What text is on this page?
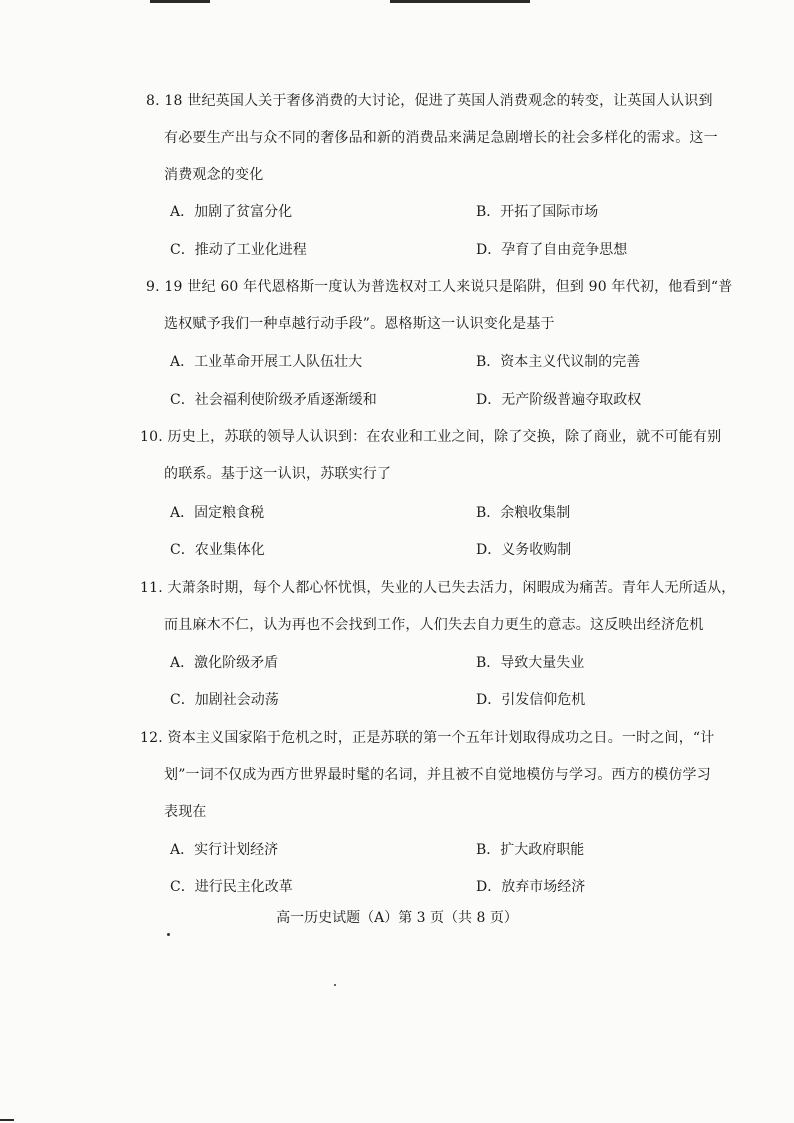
8. 18 世纪英国人关于奢侈消费的大讨论，促进了英国人消费观念的转变，让英国人认识到
有必要生产出与众不同的奢侈品和新的消费品来满足急剧增长的社会多样化的需求。这一
消费观念的变化
A．加剧了贫富分化	B．开拓了国际市场
C．推动了工业化进程	D．孕育了自由竞争思想
9. 19 世纪 60 年代恩格斯一度认为普选权对工人来说只是陷阱，但到 90 年代初，他看到“普
选权赋予我们一种卓越行动手段”。恩格斯这一认识变化是基于
A．工业革命开展工人队伍壮大	B．资本主义代议制的完善
C．社会福利使阶级矛盾逐渐缓和	D．无产阶级普遍夺取政权
10. 历史上，苏联的领导人认识到：在农业和工业之间，除了交换，除了商业，就不可能有别
的联系。基于这一认识，苏联实行了
A．固定粮食税	B．余粮收集制
C．农业集体化	D．义务收购制
11. 大萧条时期，每个人都心怀忧惧，失业的人已失去活力，闲暇成为痛苦。青年人无所适从，
而且麻木不仁，认为再也不会找到工作，人们失去自力更生的意志。这反映出经济危机
A．激化阶级矛盾	B．导致大量失业
C．加剧社会动荡	D．引发信仰危机
12. 资本主义国家陷于危机之时，正是苏联的第一个五年计划取得成功之日。一时之间，“计
划”一词不仅成为西方世界最时髦的名词，并且被不自觉地模仿与学习。西方的模仿学习
表现在
A．实行计划经济	B．扩大政府职能
C．进行民主化改革	D．放弃市场经济
高一历史试题（A）第 3 页（共 8 页）
